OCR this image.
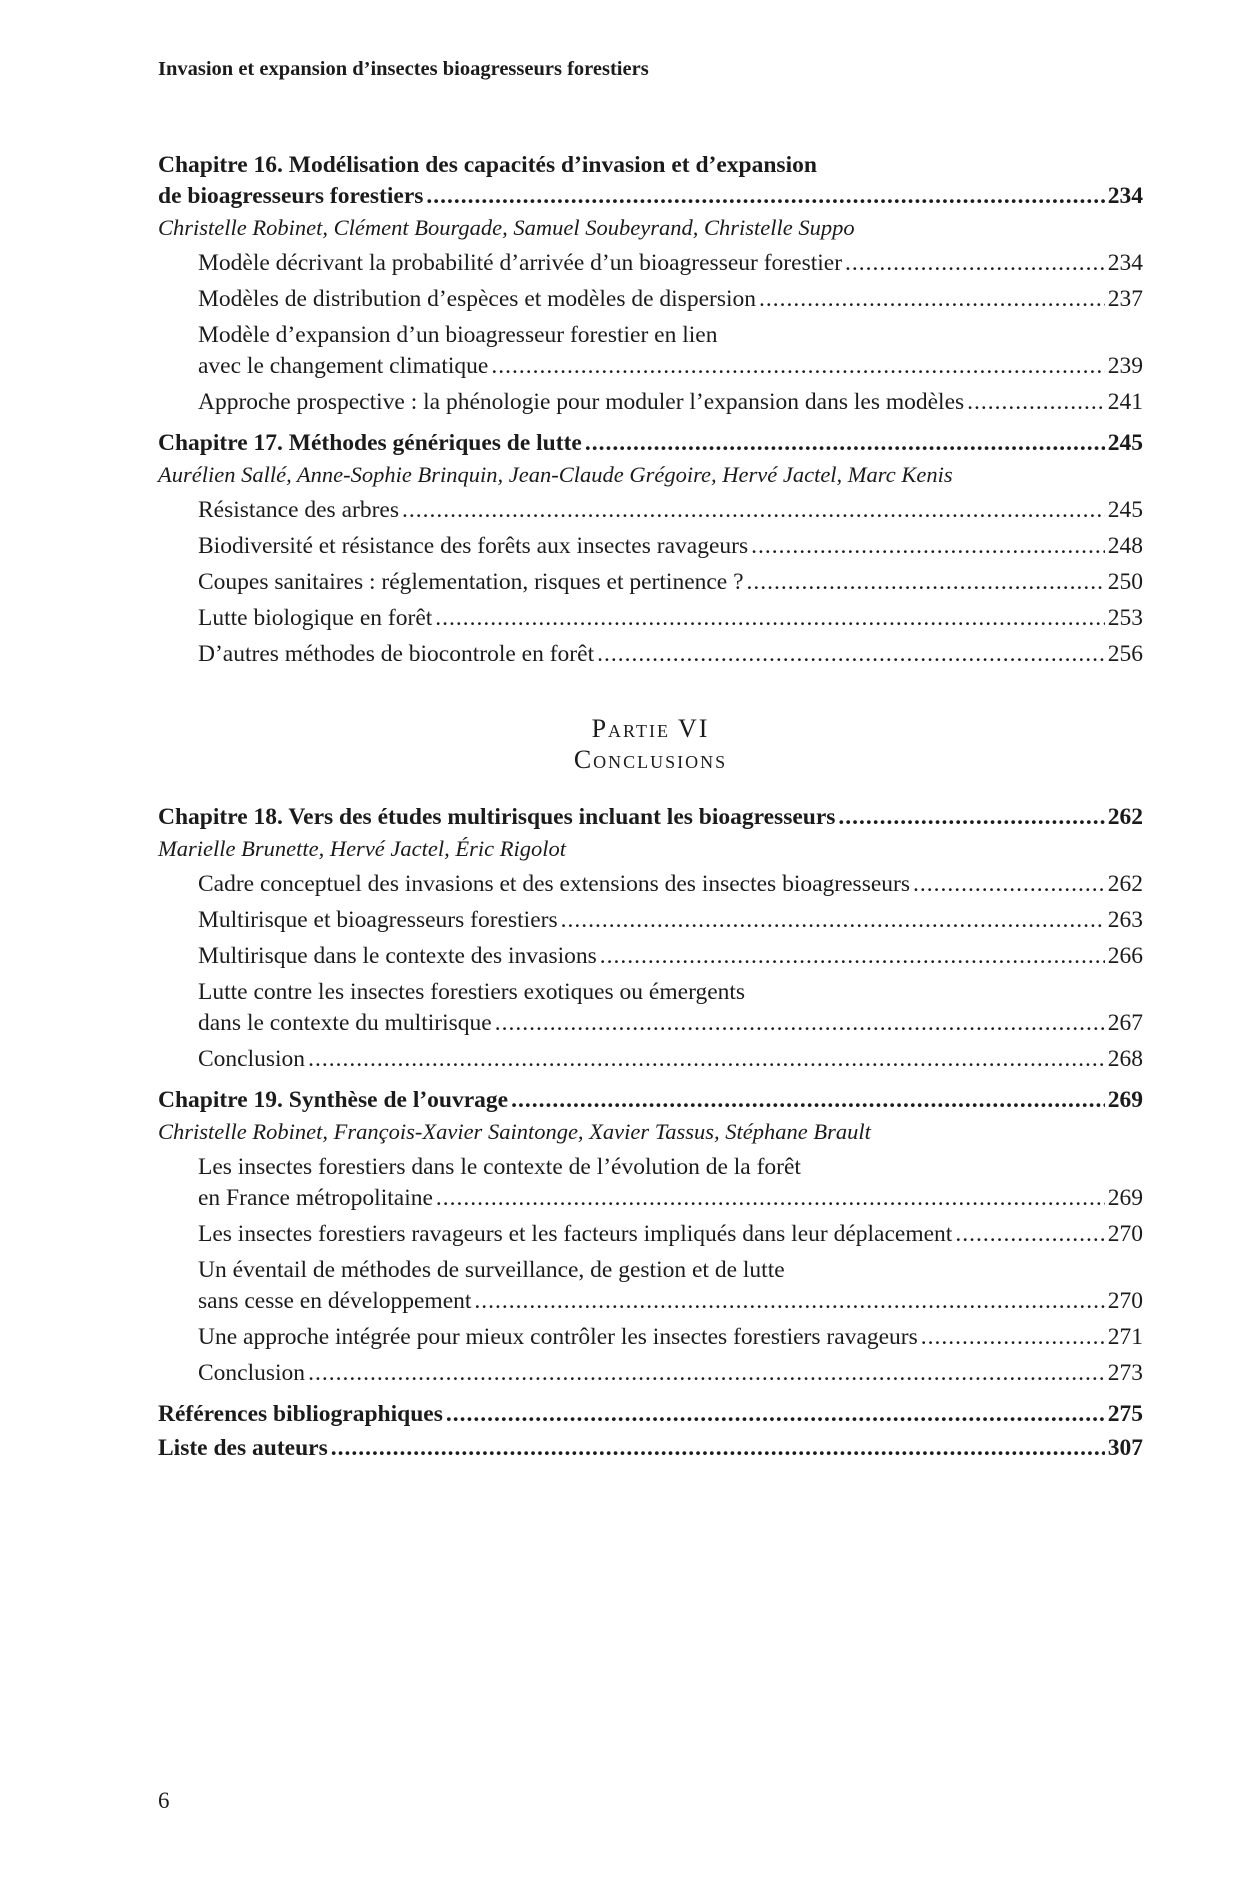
Invasion et expansion d’insectes bioagresseurs forestiers
Chapitre 16. Modélisation des capacités d’invasion et d’expansion
de bioagresseurs forestiers .....	234
Christelle Robinet, Clément Bourgade, Samuel Soubeyrand, Christelle Suppo
Modèle décrivant la probabilité d’arrivée d’un bioagresseur forestier .....	234
Modèles de distribution d’espèces et modèles de dispersion .....	237
Modèle d’expansion d’un bioagresseur forestier en lien
avec le changement climatique .....	239
Approche prospective : la phénologie pour moduler l’expansion dans les modèles .....	241
Chapitre 17. Méthodes génériques de lutte .....	245
Aurélien Sallé, Anne-Sophie Brinquin, Jean-Claude Grégoire, Hervé Jactel, Marc Kenis
Résistance des arbres .....	245
Biodiversité et résistance des forêts aux insectes ravageurs .....	248
Coupes sanitaires : réglementation, risques et pertinence ? .....	250
Lutte biologique en forêt .....	253
D’autres méthodes de biocontrole en forêt .....	256
Partie VI
Conclusions
Chapitre 18. Vers des études multirisques incluant les bioagresseurs .....	262
Marielle Brunette, Hervé Jactel, Éric Rigolot
Cadre conceptuel des invasions et des extensions des insectes bioagresseurs .....	262
Multirisque et bioagresseurs forestiers .....	263
Multirisque dans le contexte des invasions .....	266
Lutte contre les insectes forestiers exotiques ou émergents
dans le contexte du multirisque .....	267
Conclusion .....	268
Chapitre 19. Synthèse de l’ouvrage .....	269
Christelle Robinet, François-Xavier Saintonge, Xavier Tassus, Stéphane Brault
Les insectes forestiers dans le contexte de l’évolution de la forêt
en France métropolitaine .....	269
Les insectes forestiers ravageurs et les facteurs impliqués dans leur déplacement .....	270
Un éventail de méthodes de surveillance, de gestion et de lutte
sans cesse en développement .....	270
Une approche intégrée pour mieux contrôler les insectes forestiers ravageurs .....	271
Conclusion .....	273
Références bibliographiques .....	275
Liste des auteurs .....	307
6
